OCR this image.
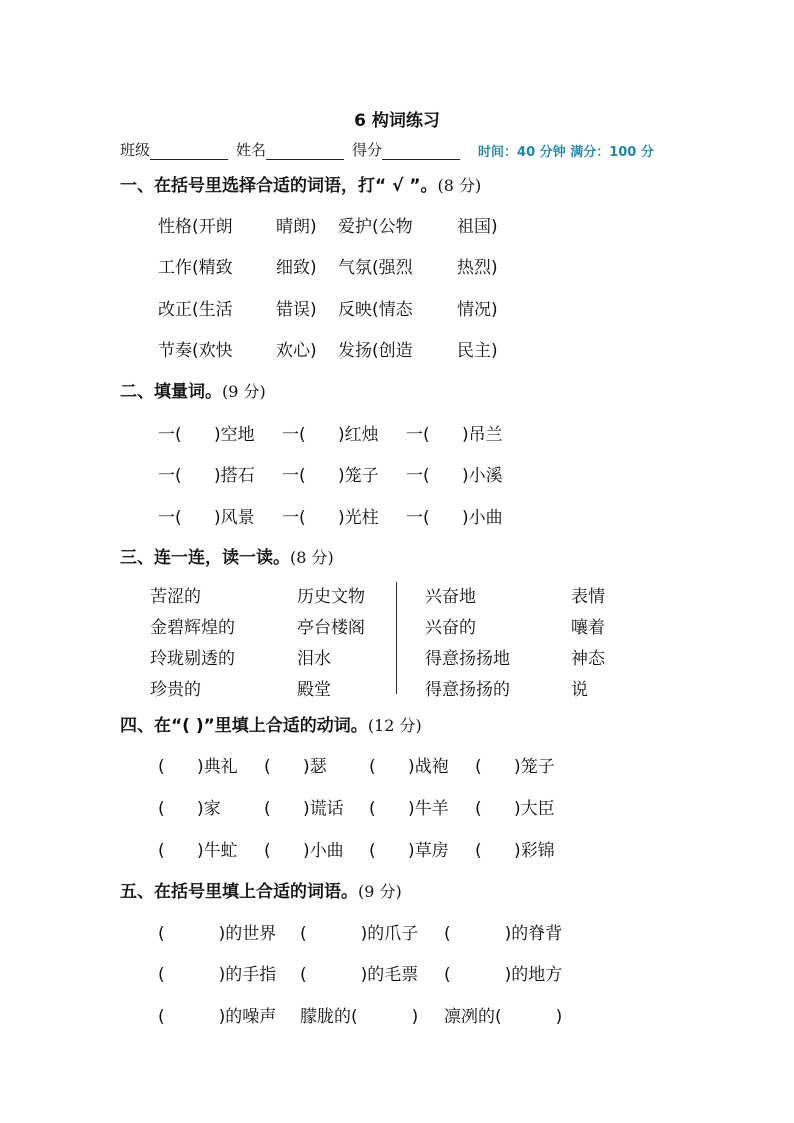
6 构词练习
班级	姓名	得分	时间：40 分钟 满分：100 分
一、在括号里选择合适的词语，打“ √ ”。(8 分)
性格(开朗	晴朗) 爱护(公物	祖国)
工作(精致	细致) 气氛(强烈	热烈)
改正(生活	错误) 反映(情态	情况)
节奏(欢快	欢心) 发扬(创造	民主)
二、填量词。(9 分)
一(      )空地 一(      )红烛 一(      )吊兰
一(      )搭石 一(      )笼子 一(      )小溪
一(      )风景 一(      )光柱 一(      )小曲
三、连一连，读一读。(8 分)
苦涩的	历史文物	兴奋地	表情
金碧辉煌的	亭台楼阁	兴奋的	嚷着
玲珑剔透的	泪水	得意扬扬地	神态
珍贵的	殿堂	得意扬扬的	说
四、在“( )”里填上合适的动词。(12 分)
(      )典礼 (      )瑟 (      )战袍 (      )笼子
(      )家	(      )谎话 (      )牛羊 (      )大臣
(      )牛虻 (      )小曲 (      )草房 (      )彩锦
五、在括号里填上合适的词语。(9 分)
(          )的世界 (          )的爪子 (          )的脊背
(          )的手指 (          )的毛票 (          )的地方
(          )的噪声 朦胧的(          ) 凛冽的(          )
